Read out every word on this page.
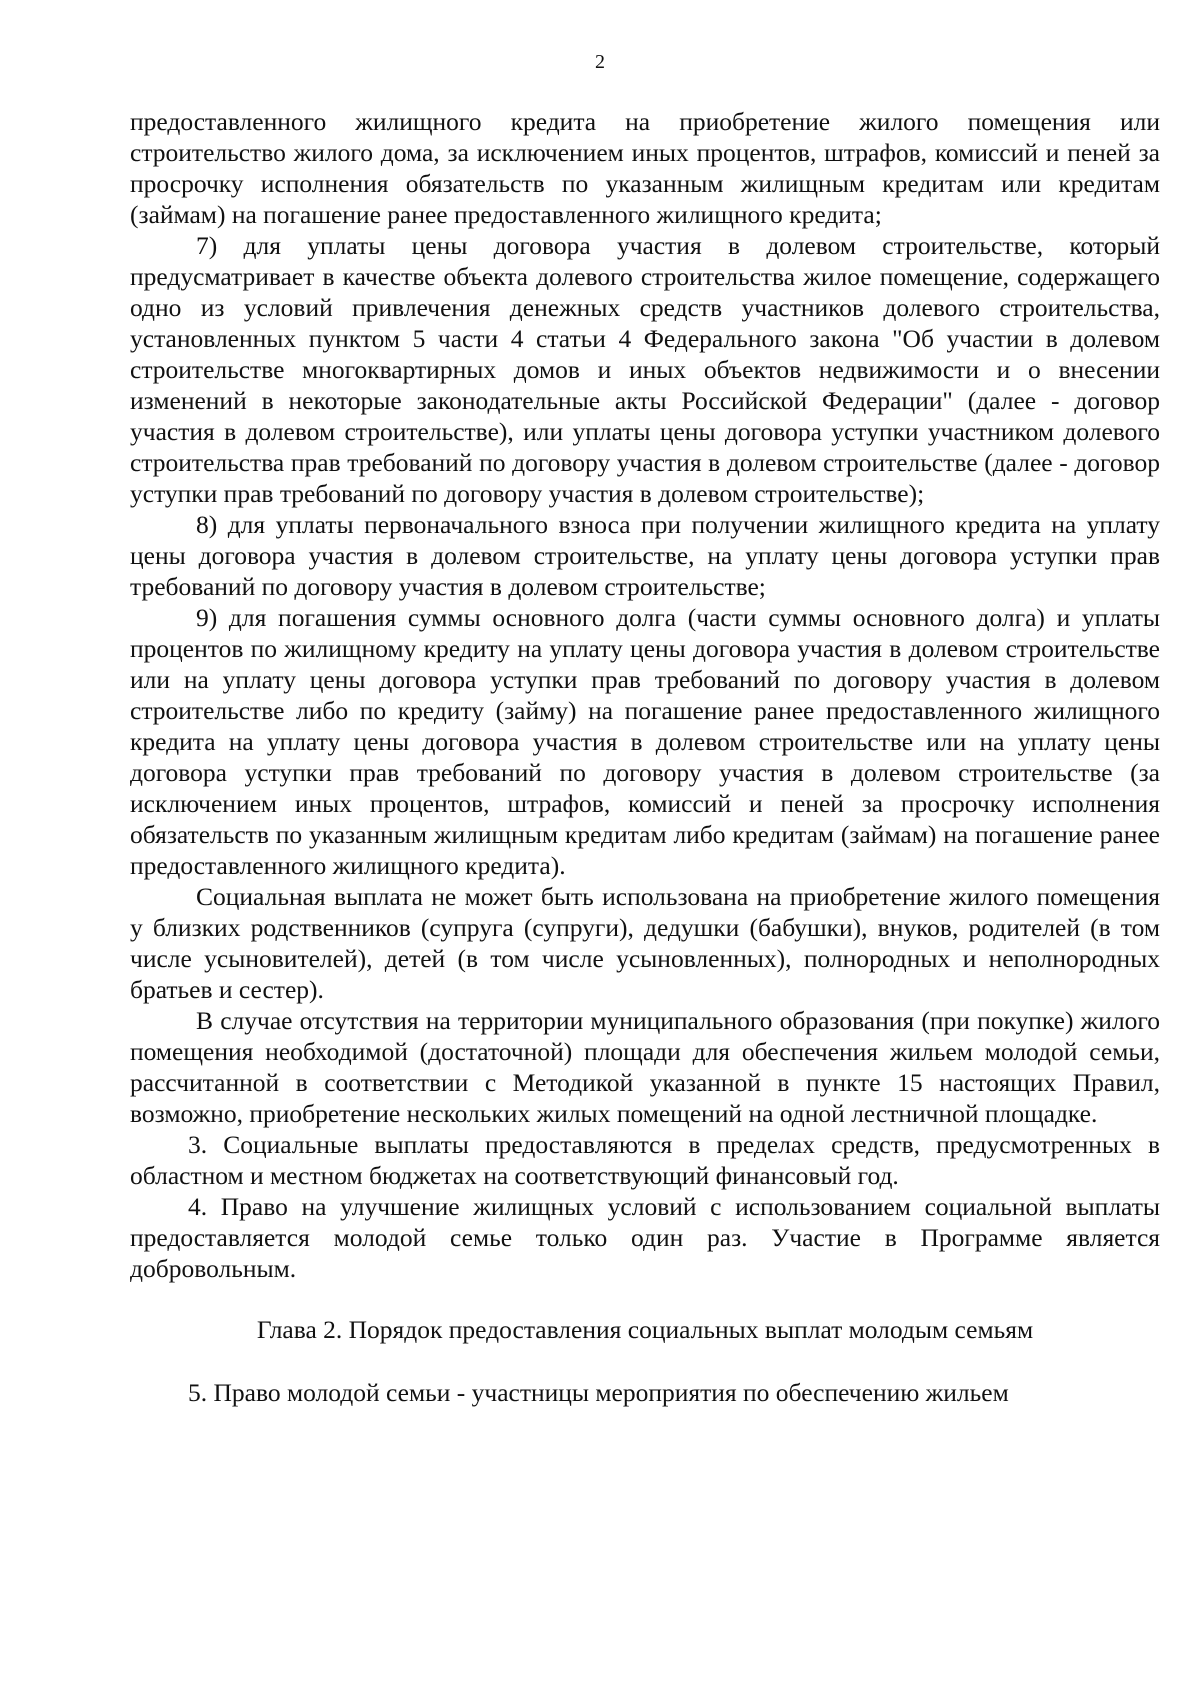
2

предоставленного жилищного кредита на приобретение жилого помещения или строительство жилого дома, за исключением иных процентов, штрафов, комиссий и пеней за просрочку исполнения обязательств по указанным жилищным кредитам или кредитам (займам) на погашение ранее предоставленного жилищного кредита;

7) для уплаты цены договора участия в долевом строительстве, который предусматривает в качестве объекта долевого строительства жилое помещение, содержащего одно из условий привлечения денежных средств участников долевого строительства, установленных пунктом 5 части 4 статьи 4 Федерального закона "Об участии в долевом строительстве многоквартирных домов и иных объектов недвижимости и о внесении изменений в некоторые законодательные акты Российской Федерации" (далее - договор участия в долевом строительстве), или уплаты цены договора уступки участником долевого строительства прав требований по договору участия в долевом строительстве (далее - договор уступки прав требований по договору участия в долевом строительстве);

8) для уплаты первоначального взноса при получении жилищного кредита на уплату цены договора участия в долевом строительстве, на уплату цены договора уступки прав требований по договору участия в долевом строительстве;

9) для погашения суммы основного долга (части суммы основного долга) и уплаты процентов по жилищному кредиту на уплату цены договора участия в долевом строительстве или на уплату цены договора уступки прав требований по договору участия в долевом строительстве либо по кредиту (займу) на погашение ранее предоставленного жилищного кредита на уплату цены договора участия в долевом строительстве или на уплату цены договора уступки прав требований по договору участия в долевом строительстве (за исключением иных процентов, штрафов, комиссий и пеней за просрочку исполнения обязательств по указанным жилищным кредитам либо кредитам (займам) на погашение ранее предоставленного жилищного кредита).

Социальная выплата не может быть использована на приобретение жилого помещения у близких родственников (супруга (супруги), дедушки (бабушки), внуков, родителей (в том числе усыновителей), детей (в том числе усыновленных), полнородных и неполнородных братьев и сестер).

В случае отсутствия на территории муниципального образования (при покупке) жилого помещения необходимой (достаточной) площади для обеспечения жильем молодой семьи, рассчитанной в соответствии с Методикой указанной в пункте 15 настоящих Правил, возможно, приобретение нескольких жилых помещений на одной лестничной площадке.

3. Социальные выплаты предоставляются в пределах средств, предусмотренных в областном и местном бюджетах на соответствующий финансовый год.

4. Право на улучшение жилищных условий с использованием социальной выплаты предоставляется молодой семье только один раз. Участие в Программе является добровольным.

Глава 2. Порядок предоставления социальных выплат молодым семьям

5. Право молодой семьи - участницы мероприятия по обеспечению жильем
